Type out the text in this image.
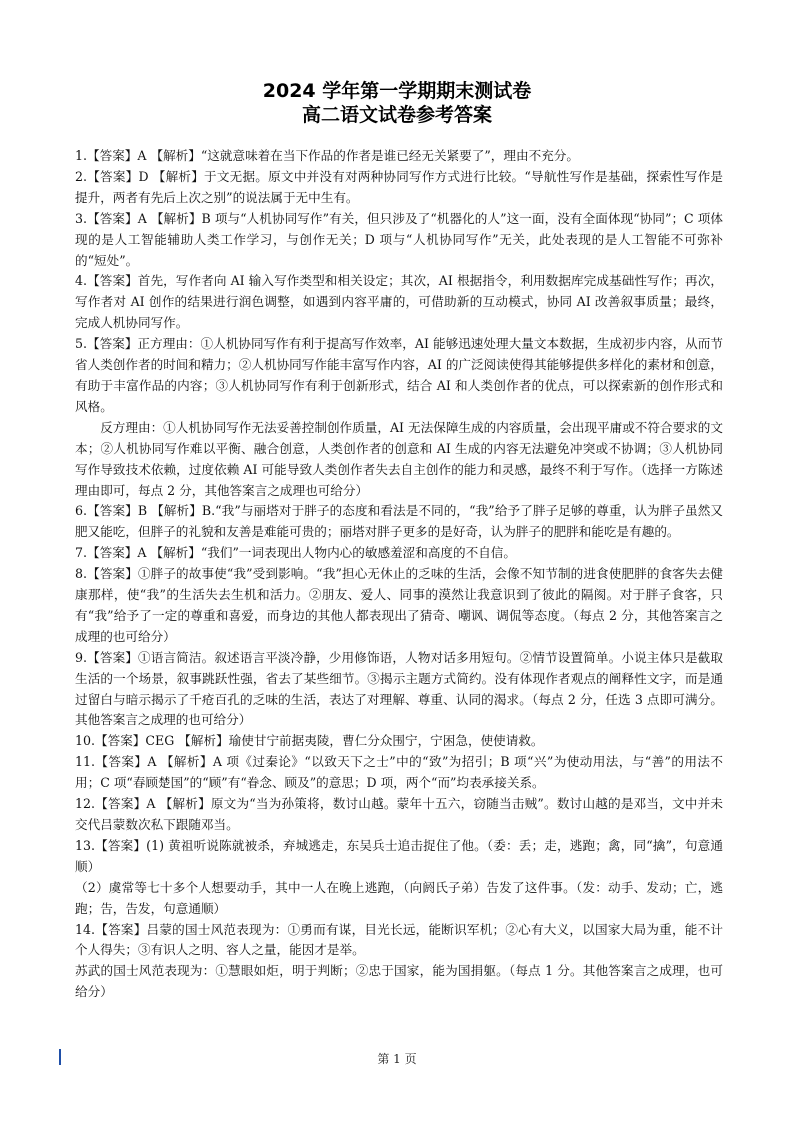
2024 学年第一学期期末测试卷
高二语文试卷参考答案

1.【答案】A 【解析】“这就意味着在当下作品的作者是谁已经无关紧要了”，理由不充分。

2.【答案】D 【解析】于文无据。原文中并没有对两种协同写作方式进行比较。“导航性写作是基础，探索性写作是提升，两者有先后上次之别”的说法属于无中生有。

3.【答案】A 【解析】B 项与“人机协同写作”有关，但只涉及了“机器化的人”这一面，没有全面体现“协同”；C 项体现的是人工智能辅助人类工作学习，与创作无关；D 项与“人机协同写作”无关，此处表现的是人工智能不可弥补的“短处”。

4.【答案】首先，写作者向 AI 输入写作类型和相关设定；其次，AI 根据指令，利用数据库完成基础性写作；再次，写作者对 AI 创作的结果进行润色调整，如遇到内容平庸的，可借助新的互动模式，协同 AI 改善叙事质量；最终，完成人机协同写作。

5.【答案】正方理由：①人机协同写作有利于提高写作效率，AI 能够迅速处理大量文本数据，生成初步内容，从而节省人类创作者的时间和精力；②人机协同写作能丰富写作内容，AI 的广泛阅读使得其能够提供多样化的素材和创意，有助于丰富作品的内容；③人机协同写作有利于创新形式，结合 AI 和人类创作者的优点，可以探索新的创作形式和风格。

反方理由：①人机协同写作无法妥善控制创作质量，AI 无法保障生成的内容质量，会出现平庸或不符合要求的文本；②人机协同写作难以平衡、融合创意，人类创作者的创意和 AI 生成的内容无法避免冲突或不协调；③人机协同写作导致技术依赖，过度依赖 AI 可能导致人类创作者失去自主创作的能力和灵感，最终不利于写作。（选择一方陈述理由即可，每点 2 分，其他答案言之成理也可给分）

6.【答案】B 【解析】B.“我”与丽塔对于胖子的态度和看法是不同的，“我”给予了胖子足够的尊重，认为胖子虽然又肥又能吃，但胖子的礼貌和友善是难能可贵的；丽塔对胖子更多的是好奇，认为胖子的肥胖和能吃是有趣的。

7.【答案】A 【解析】“我们”一词表现出人物内心的敏感羞涩和高度的不自信。

8.【答案】①胖子的故事使“我”受到影响。“我”担心无休止的乏味的生活，会像不知节制的进食使肥胖的食客失去健康那样，使“我”的生活失去生机和活力。②朋友、爱人、同事的漠然让我意识到了彼此的隔阂。对于胖子食客，只有“我”给予了一定的尊重和喜爱，而身边的其他人都表现出了猜奇、嘲讽、调侃等态度。（每点 2 分，其他答案言之成理的也可给分）

9.【答案】①语言简洁。叙述语言平淡冷静，少用修饰语，人物对话多用短句。②情节设置简单。小说主体只是截取生活的一个场景，叙事跳跃性强，省去了某些细节。③揭示主题方式简约。没有体现作者观点的阐释性文字，而是通过留白与暗示揭示了千疮百孔的乏味的生活，表达了对理解、尊重、认同的渴求。（每点 2 分，任选 3 点即可满分。其他答案言之成理的也可给分）

10.【答案】CEG 【解析】瑜使甘宁前据夷陵，曹仁分众围宁，宁困急，使使请救。

11.【答案】A 【解析】A 项《过秦论》“以致天下之士”中的“致”为招引；B 项“兴”为使动用法，与“善”的用法不用；C 项“春顾楚国”的“顾”有“眷念、顾及”的意思；D 项，两个“而”均表承接关系。

12.【答案】A 【解析】原文为“当为孙策将，数讨山越。蒙年十五六，窃随当击贼”。数讨山越的是邓当，文中并未交代吕蒙数次私下跟随邓当。

13.【答案】(1) 黄祖听说陈就被杀，弃城逃走，东吴兵士追击捉住了他。（委：丢；走，逃跑；禽，同“擒”，句意通顺）

（2）虞常等七十多个人想要动手，其中一人在晚上逃跑，（向阏氏子弟）告发了这件事。（发：动手、发动；亡，逃跑；告，告发，句意通顺）

14.【答案】吕蒙的国士风范表现为：①勇而有谋，目光长远，能断识军机；②心有大义，以国家大局为重，能不计个人得失；③有识人之明、容人之量，能因才是举。

苏武的国士风范表现为：①慧眼如炬，明于判断；②忠于国家，能为国捐躯。（每点 1 分。其他答案言之成理，也可给分）

第 1 页
